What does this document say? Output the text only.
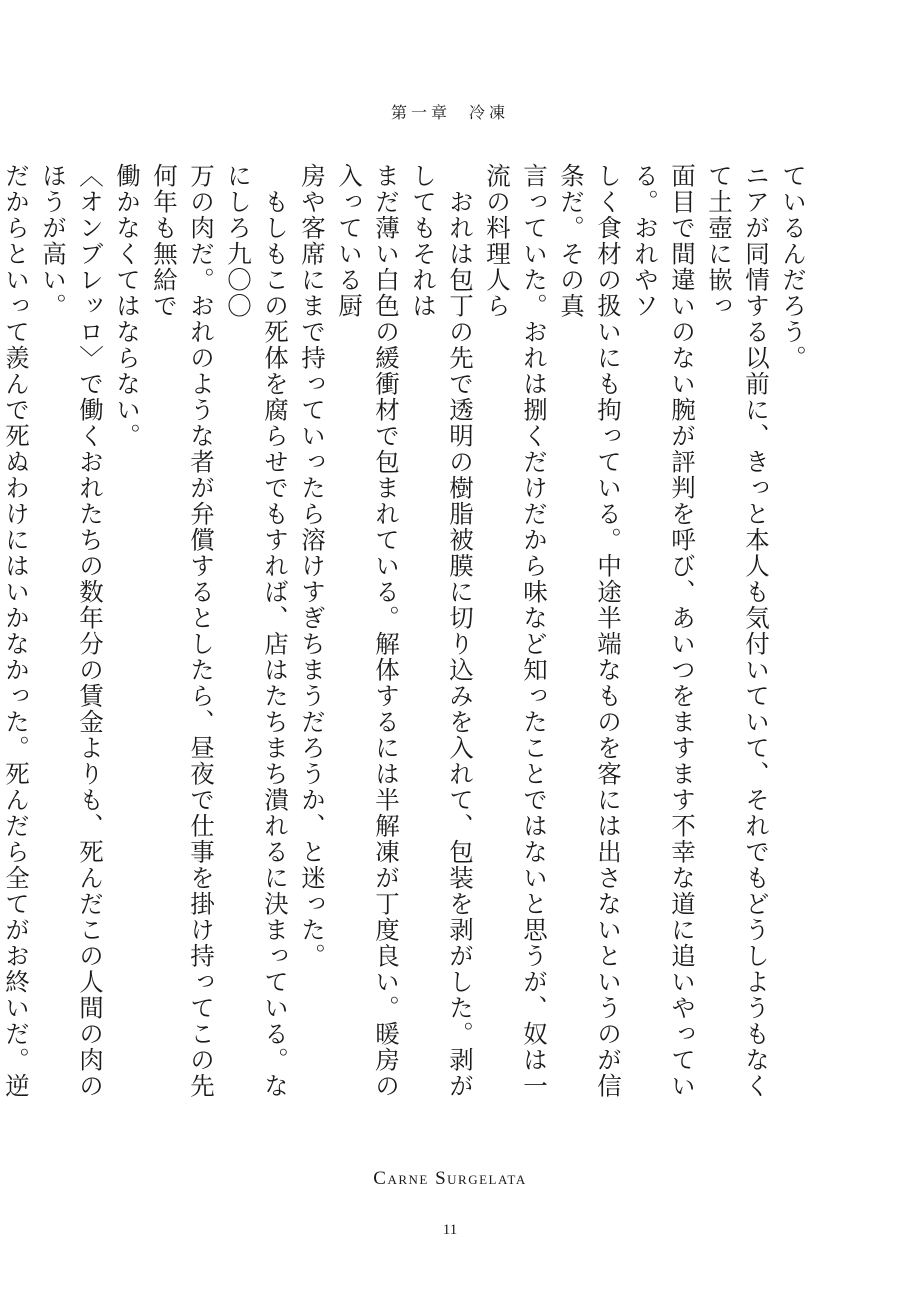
第一章 冷凍

ているんだろう。
ニアが同情する以前に、きっと本人も気付いていて、それでもどうしようもなくて土壺に嵌っ
面目で間違いのない腕が評判を呼び、あいつをますます不幸な道に追いやっている。おれやソ
しく食材の扱いにも拘っている。中途半端なものを客には出さないというのが信条だ。その真
言っていた。おれは捌くだけだから味など知ったことではないと思うが、奴は一流の料理人ら

　おれは包丁の先で透明の樹脂被膜に切り込みを入れて、包装を剥がした。剥がしてもそれは
まだ薄い白色の緩衝材で包まれている。解体するには半解凍が丁度良い。暖房の入っている厨
房や客席にまで持っていったら溶けすぎちまうだろうか、と迷った。

　もしもこの死体を腐らせでもすれば、店はたちまち潰れるに決まっている。なにしろ九〇〇
万の肉だ。おれのような者が弁償するとしたら、昼夜で仕事を掛け持ってこの先何年も無給で
働かなくてはならない。

〈オンブレッロ〉で働くおれたちの数年分の賃金よりも、死んだこの人間の肉のほうが高い。
だからといって羨んで死ぬわけにはいかなかった。死んだら全てがお終いだ。逆

Carne Surgelata

11
